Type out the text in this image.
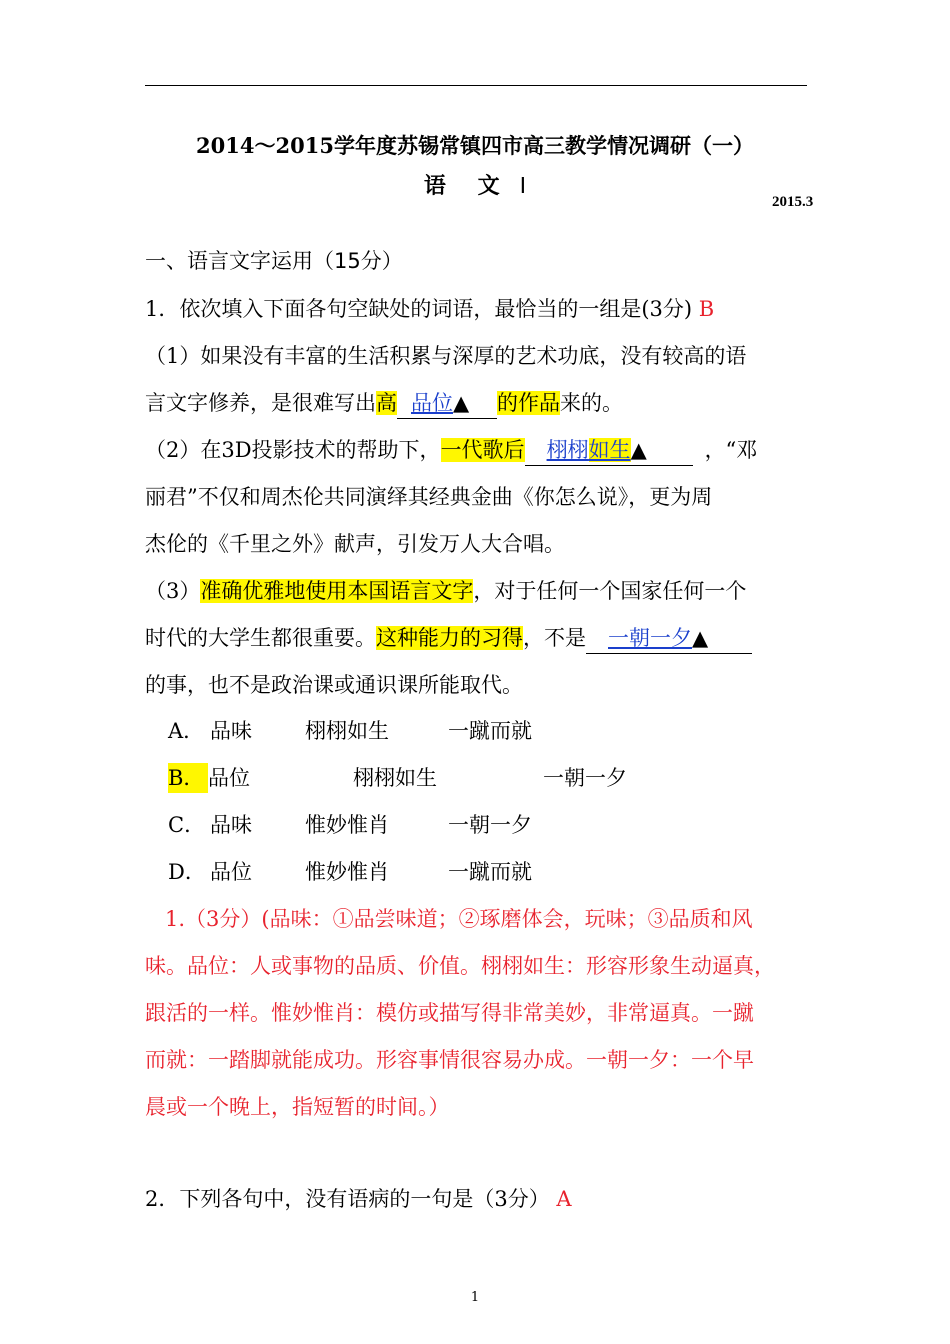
2014～2015学年度苏锡常镇四市高三教学情况调研（一）
语 文 Ⅰ
2015.3
一、语言文字运用（15分）
1．依次填入下面各句空缺处的词语，最恰当的一组是(3分) B
（1）如果没有丰富的生活积累与深厚的艺术功底，没有较高的语
言文字修养，是很难写出高 品位▲ 的作品来的。
（2）在3D投影技术的帮助下，一代歌后 栩栩如生▲	，“邓
丽君”不仅和周杰伦共同演绎其经典金曲《你怎么说》，更为周
杰伦的《千里之外》献声，引发万人大合唱。
（3）准确优雅地使用本国语言文字，对于任何一个国家任何一个
时代的大学生都很重要。这种能力的习得，不是 一朝一夕▲
的事，也不是政治课或通识课所能取代。
A． 品味	栩栩如生	一蹴而就
B． 品位	栩栩如生	一朝一夕
C． 品味	惟妙惟肖	一朝一夕
D． 品位	惟妙惟肖	一蹴而就
1.（3分）(品味：①品尝味道；②琢磨体会，玩味；③品质和风
味。品位：人或事物的品质、价值。栩栩如生：形容形象生动逼真，
跟活的一样。惟妙惟肖：模仿或描写得非常美妙，非常逼真。一蹴
而就：一踏脚就能成功。形容事情很容易办成。一朝一夕：一个早
晨或一个晚上，指短暂的时间。）
2．下列各句中，没有语病的一句是（3分） A
1
